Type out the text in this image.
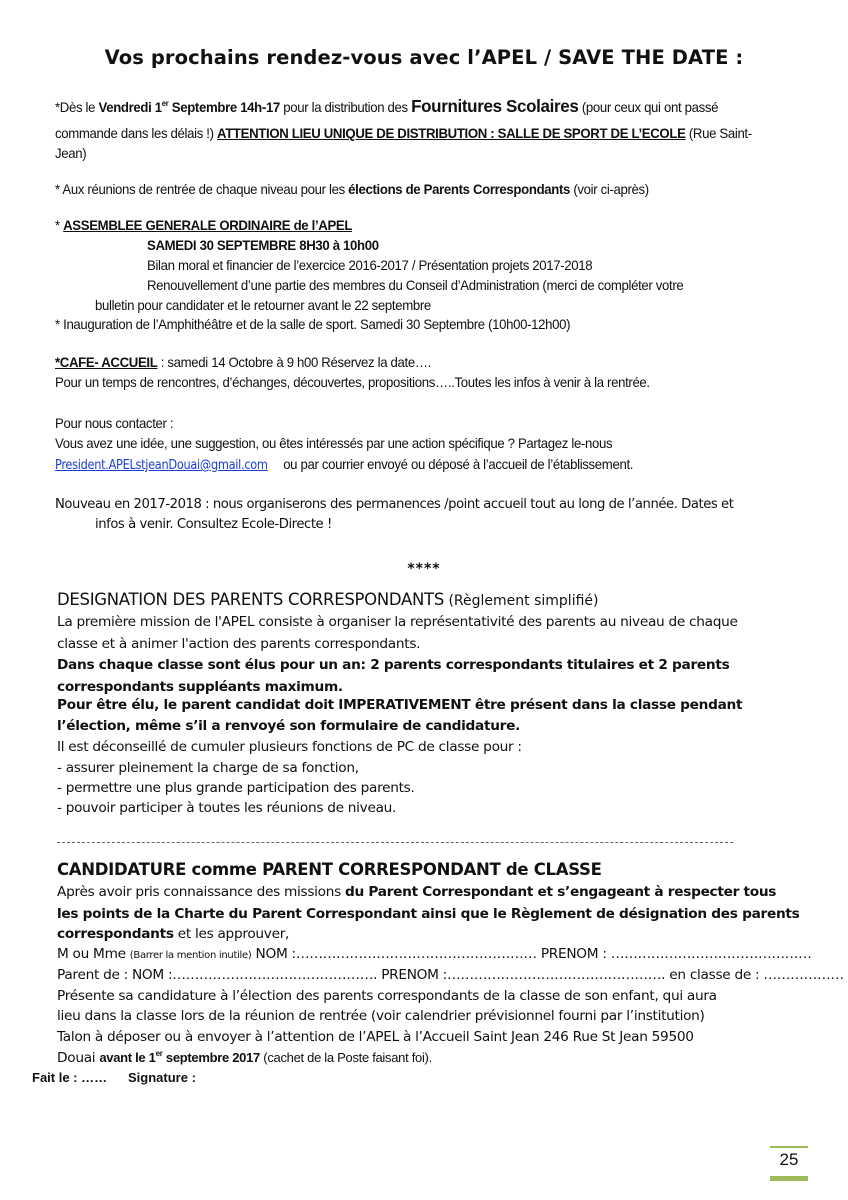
Vos prochains rendez-vous avec l’APEL / SAVE THE DATE :
*Dès le Vendredi 1er Septembre 14h-17 pour la distribution des Fournitures Scolaires (pour ceux qui ont passé
commande dans les délais !) ATTENTION LIEU UNIQUE DE DISTRIBUTION : SALLE DE SPORT DE L’ECOLE (Rue Saint-
Jean)
* Aux réunions de rentrée de chaque niveau pour les élections de Parents Correspondants (voir ci-après)
* ASSEMBLEE GENERALE ORDINAIRE de l’APEL
SAMEDI 30 SEPTEMBRE 8H30 à 10h00
Bilan moral et financier de l’exercice 2016-2017 / Présentation projets 2017-2018
Renouvellement d’une partie des membres du Conseil d’Administration (merci de compléter votre
bulletin pour candidater et le retourner avant le 22 septembre
* Inauguration de l’Amphithéâtre et de la salle de sport. Samedi 30 Septembre (10h00-12h00)
*CAFE- ACCUEIL : samedi 14 Octobre à 9 h00 Réservez la date….
Pour un temps de rencontres, d’échanges, découvertes, propositions…..Toutes les infos à venir à la rentrée.
Pour nous contacter :
Vous avez une idée, une suggestion, ou êtes intéressés par une action spécifique ? Partagez le-nous
President.APELstjeanDouai@gmail.com ou par courrier envoyé ou déposé à l’accueil de l’établissement.
Nouveau en 2017-2018 : nous organiserons des permanences /point accueil tout au long de l’année. Dates et
infos à venir. Consultez Ecole-Directe !
****
DESIGNATION DES PARENTS CORRESPONDANTS (Règlement simplifié)
La première mission de l'APEL consiste à organiser la représentativité des parents au niveau de chaque
classe et à animer l'action des parents correspondants.
Dans chaque classe sont élus pour un an: 2 parents correspondants titulaires et 2 parents
correspondants suppléants maximum.
Pour être élu, le parent candidat doit IMPERATIVEMENT être présent dans la classe pendant
l’élection, même s’il a renvoyé son formulaire de candidature.
Il est déconseillé de cumuler plusieurs fonctions de PC de classe pour :
- assurer pleinement la charge de sa fonction,
- permettre une plus grande participation des parents.
- pouvoir participer à toutes les réunions de niveau.
CANDIDATURE comme PARENT CORRESPONDANT de CLASSE
Après avoir pris connaissance des missions du Parent Correspondant et s’engageant à respecter tous
les points de la Charte du Parent Correspondant ainsi que le Règlement de désignation des parents
correspondants et les approuver,
M ou Mme (Barrer la mention inutile) NOM :……………………………………………… PRENOM : ………………………………………
Parent de : NOM :………………………………………. PRENOM :…………………………………………. en classe de : ………………
Présente sa candidature à l’élection des parents correspondants de la classe de son enfant, qui aura
lieu dans la classe lors de la réunion de rentrée (voir calendrier prévisionnel fourni par l’institution)
Talon à déposer ou à envoyer à l’attention de l’APEL à l’Accueil Saint Jean 246 Rue St Jean 59500
Douai avant le 1er septembre 2017 (cachet de la Poste faisant foi).
Fait le : …… Signature :
25
